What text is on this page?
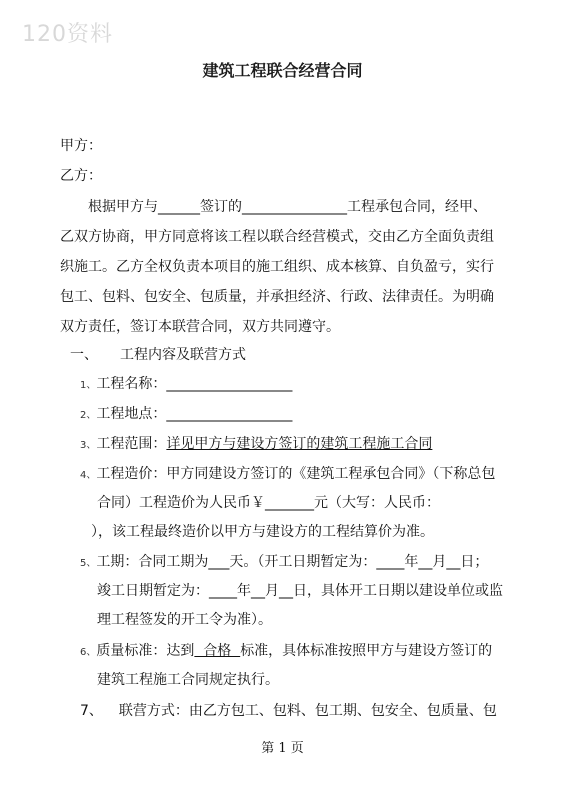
120资料
建筑工程联合经营合同
甲方：
乙方：
根据甲方与______签订的_______________工程承包合同，经甲、
乙双方协商，甲方同意将该工程以联合经营模式，交由乙方全面负责组
织施工。乙方全权负责本项目的施工组织、成本核算、自负盈亏，实行
包工、包料、包安全、包质量，并承担经济、行政、法律责任。为明确
双方责任，签订本联营合同，双方共同遵守。
一、 工程内容及联营方式
1、工程名称：__________________
2、工程地点：__________________
3、工程范围：详见甲方与建设方签订的建筑工程施工合同
4、工程造价：甲方同建设方签订的《建筑工程承包合同》（下称总包
合同）工程造价为人民币￥_______元（大写：人民币：
），该工程最终造价以甲方与建设方的工程结算价为准。
5、工期：合同工期为___天。（开工日期暂定为：____年__月__日；
竣工日期暂定为：____年__月__日，具体开工日期以建设单位或监
理工程签发的开工令为准）。
6、质量标准：达到  合格  标准，具体标准按照甲方与建设方签订的
建筑工程施工合同规定执行。
7、 联营方式：由乙方包工、包料、包工期、包安全、包质量、包
第 1 页
